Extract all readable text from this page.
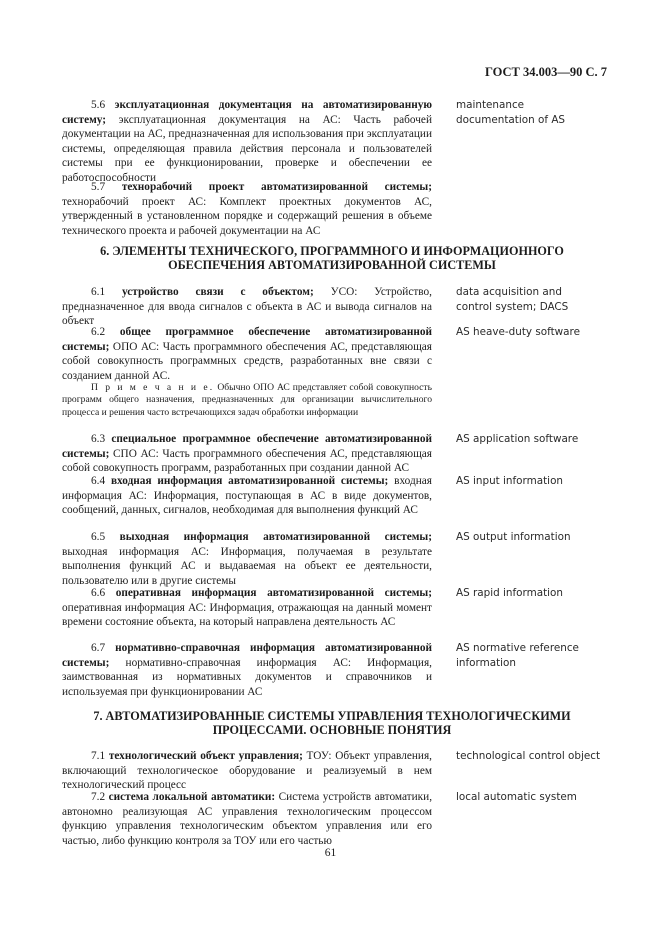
ГОСТ 34.003—90 С. 7
5.6 эксплуатационная документация на автоматизированную систему; эксплуатационная документация на АС: Часть рабочей документации на АС, предназначенная для использования при эксплуатации системы, определяющая правила действия персонала и пользователей системы при ее функционировании, проверке и обеспечении ее работоспособности
maintenance documentation of AS
5.7 технорабочий проект автоматизированной системы; технорабочий проект АС: Комплект проектных документов АС, утвержденный в установленном порядке и содержащий решения в объеме технического проекта и рабочей документации на АС
6. ЭЛЕМЕНТЫ ТЕХНИЧЕСКОГО, ПРОГРАММНОГО И ИНФОРМАЦИОННОГО ОБЕСПЕЧЕНИЯ АВТОМАТИЗИРОВАННОЙ СИСТЕМЫ
6.1 устройство связи с объектом; УСО: Устройство, предназначенное для ввода сигналов с объекта в АС и вывода сигналов на объект
data acquisition and control system; DACS
6.2 общее программное обеспечение автоматизированной системы; ОПО АС: Часть программного обеспечения АС, представляющая собой совокупность программных средств, разработанных вне связи с созданием данной АС.
AS heave-duty software
П р и м е ч а н и е. Обычно ОПО АС представляет собой совокупность программ общего назначения, предназначенных для организации вычислительного процесса и решения часто встречающихся задач обработки информации
6.3 специальное программное обеспечение автоматизированной системы; СПО АС: Часть программного обеспечения АС, представляющая собой совокупность программ, разработанных при создании данной АС
AS application software
6.4 входная информация автоматизированной системы; входная информация АС: Информация, поступающая в АС в виде документов, сообщений, данных, сигналов, необходимая для выполнения функций АС
AS input information
6.5 выходная информация автоматизированной системы; выходная информация АС: Информация, получаемая в результате выполнения функций АС и выдаваемая на объект ее деятельности, пользователю или в другие системы
AS output information
6.6 оперативная информация автоматизированной системы; оперативная информация АС: Информация, отражающая на данный момент времени состояние объекта, на который направлена деятельность АС
AS rapid information
6.7 нормативно-справочная информация автоматизированной системы; нормативно-справочная информация АС: Информация, заимствованная из нормативных документов и справочников и используемая при функционировании АС
AS normative reference information
7. АВТОМАТИЗИРОВАННЫЕ СИСТЕМЫ УПРАВЛЕНИЯ ТЕХНОЛОГИЧЕСКИМИ ПРОЦЕССАМИ. ОСНОВНЫЕ ПОНЯТИЯ
7.1 технологический объект управления; ТОУ: Объект управления, включающий технологическое оборудование и реализуемый в нем технологический процесс
technological control object
7.2 система локальной автоматики: Система устройств автоматики, автономно реализующая АС управления технологическим процессом функцию управления технологическим объектом управления или его частью, либо функцию контроля за ТОУ или его частью
local automatic system
61
